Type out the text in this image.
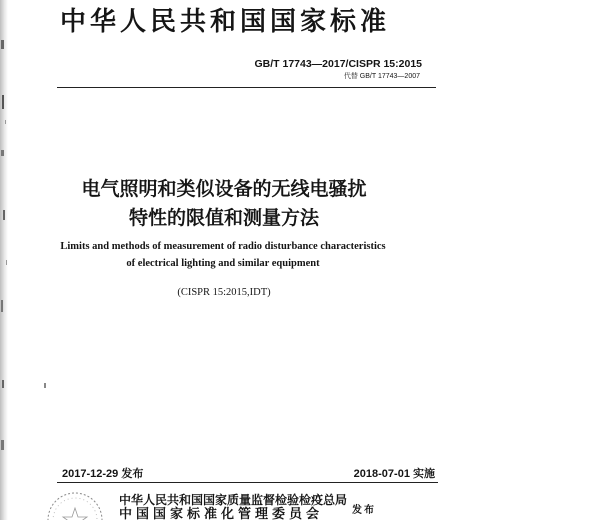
中华人民共和国国家标准
GB/T 17743—2017/CISPR 15:2015
代替 GB/T 17743—2007
电气照明和类似设备的无线电骚扰
特性的限值和测量方法
Limits and methods of measurement of radio disturbance characteristics
of electrical lighting and similar equipment
(CISPR 15:2015,IDT)
2017-12-29 发布	2018-07-01 实施
中华人民共和国国家质量监督检验检疫总局
中国国家标准化管理委员会	发布
